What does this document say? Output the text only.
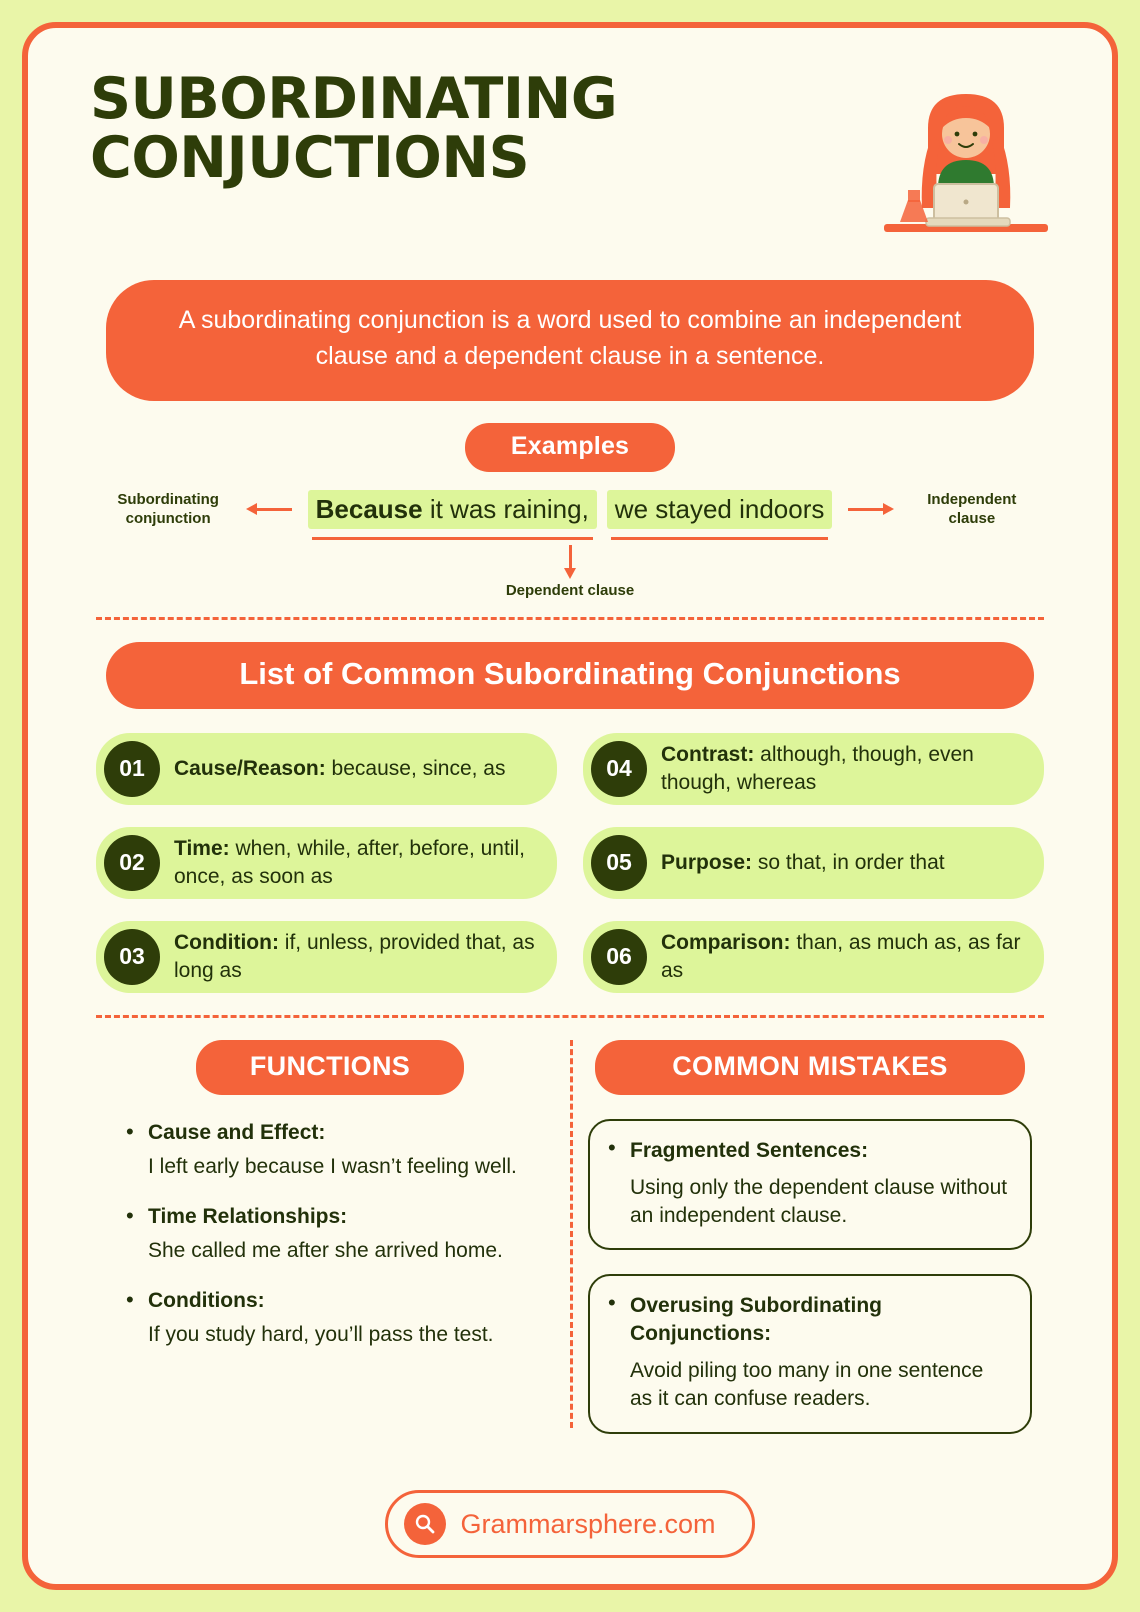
SUBORDINATING CONJUCTIONS
A subordinating conjunction is a word used to combine an independent clause and a dependent clause in a sentence.
Examples
Subordinating conjunction	Because it was raining,	we stayed indoors	Independent clause
Dependent clause
List of Common Subordinating Conjunctions
01	Cause/Reason: because, since, as	04
Contrast: although, though, even though, whereas
02
Time: when, while, after, before, until, once, as soon as
05	Purpose: so that, in order that
03
Condition: if, unless, provided that, as long as
06
Comparison: than, as much as, as far as
FUNCTIONS
• Cause and Effect:
I left early because I wasn’t feeling well.
• Time Relationships:
She called me after she arrived home.
• Conditions:
If you study hard, you’ll pass the test.
COMMON MISTAKES
• Fragmented Sentences:
Using only the dependent clause without an independent clause.
• Overusing Subordinating Conjunctions:
Avoid piling too many in one sentence as it can confuse readers.
Grammarsphere.com
